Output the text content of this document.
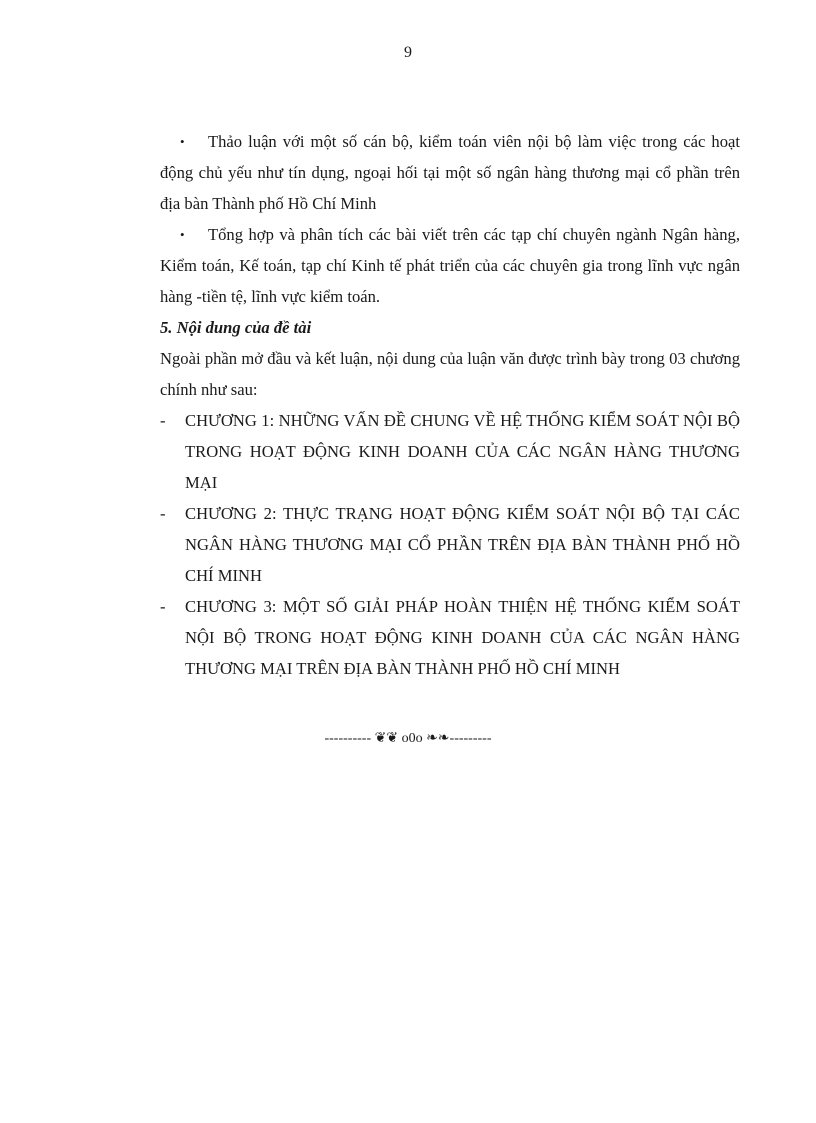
9
• Thảo luận với một số cán bộ, kiểm toán viên nội bộ làm việc trong các hoạt động chủ yếu như tín dụng, ngoại hối tại một số ngân hàng thương mại cổ phần trên địa bàn Thành phố Hồ Chí Minh
• Tổng hợp và phân tích các bài viết trên các tạp chí chuyên ngành Ngân hàng, Kiểm toán, Kế toán, tạp chí Kinh tế phát triển của các chuyên gia trong lĩnh vực ngân hàng -tiền tệ, lĩnh vực kiểm toán.
5. Nội dung của đề tài
Ngoài phần mở đầu và kết luận, nội dung của luận văn được trình bày trong 03 chương chính như sau:
- CHƯƠNG 1: NHỮNG VẤN ĐỀ CHUNG VỀ HỆ THỐNG KIỂM SOÁT NỘI BỘ TRONG HOẠT ĐỘNG KINH DOANH CỦA CÁC NGÂN HÀNG THƯƠNG MẠI
- CHƯƠNG 2: THỰC TRẠNG HOẠT ĐỘNG KIỂM SOÁT NỘI BỘ TẠI CÁC NGÂN HÀNG THƯƠNG MẠI CỔ PHẦN TRÊN ĐỊA BÀN THÀNH PHỐ HỒ CHÍ MINH
- CHƯƠNG 3: MỘT SỐ GIẢI PHÁP HOÀN THIỆN HỆ THỐNG KIỂM SOÁT NỘI BỘ TRONG HOẠT ĐỘNG KINH DOANH CỦA CÁC NGÂN HÀNG THƯƠNG MẠI TRÊN ĐỊA BÀN THÀNH PHỐ HỒ CHÍ MINH
---------- ❦❦ o0o ❧❧---------
